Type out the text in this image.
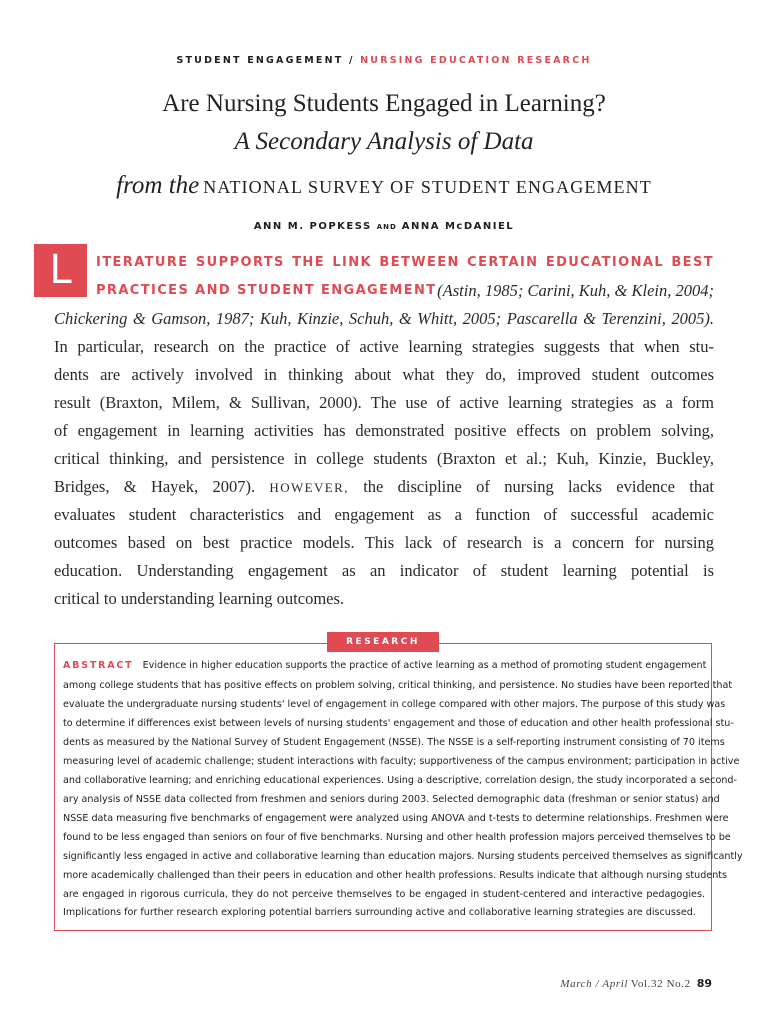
STUDENT ENGAGEMENT / NURSING EDUCATION RESEARCH
Are Nursing Students Engaged in Learning?
A Secondary Analysis of Data
from the NATIONAL SURVEY OF STUDENT ENGAGEMENT
ANN M. POPKESS AND ANNA McDANIEL
L	ITERATURE SUPPORTS THE LINK BETWEEN CERTAIN EDUCATIONAL BEST
PRACTICES AND STUDENT ENGAGEMENT (Astin, 1985; Carini, Kuh, & Klein, 2004;
Chickering & Gamson, 1987; Kuh, Kinzie, Schuh, & Whitt, 2005; Pascarella & Terenzini, 2005).
In particular, research on the practice of active learning strategies suggests that when stu-
dents are actively involved in thinking about what they do, improved student outcomes
result (Braxton, Milem, & Sullivan, 2000). The use of active learning strategies as a form
of engagement in learning activities has demonstrated positive effects on problem solving,
critical thinking, and persistence in college students (Braxton et al.; Kuh, Kinzie, Buckley,
Bridges, & Hayek, 2007). HOWEVER, the discipline of nursing lacks evidence that
evaluates student characteristics and engagement as a function of successful academic
outcomes based on best practice models. This lack of research is a concern for nursing
education. Understanding engagement as an indicator of student learning potential is
critical to understanding learning outcomes.
RESEARCH
ABSTRACT Evidence in higher education supports the practice of active learning as a method of promoting student engagement
among college students that has positive effects on problem solving, critical thinking, and persistence. No studies have been reported that
evaluate the undergraduate nursing students' level of engagement in college compared with other majors. The purpose of this study was
to determine if differences exist between levels of nursing students' engagement and those of education and other health professional stu-
dents as measured by the National Survey of Student Engagement (NSSE). The NSSE is a self-reporting instrument consisting of 70 items
measuring level of academic challenge; student interactions with faculty; supportiveness of the campus environment; participation in active
and collaborative learning; and enriching educational experiences. Using a descriptive, correlation design, the study incorporated a second-
ary analysis of NSSE data collected from freshmen and seniors during 2003. Selected demographic data (freshman or senior status) and
NSSE data measuring five benchmarks of engagement were analyzed using ANOVA and t-tests to determine relationships. Freshmen were
found to be less engaged than seniors on four of five benchmarks. Nursing and other health profession majors perceived themselves to be
significantly less engaged in active and collaborative learning than education majors. Nursing students perceived themselves as significantly
more academically challenged than their peers in education and other health professions. Results indicate that although nursing students
are engaged in rigorous curricula, they do not perceive themselves to be engaged in student-centered and interactive pedagogies.
Implications for further research exploring potential barriers surrounding active and collaborative learning strategies are discussed.
March / April Vol.32 No.2 89
